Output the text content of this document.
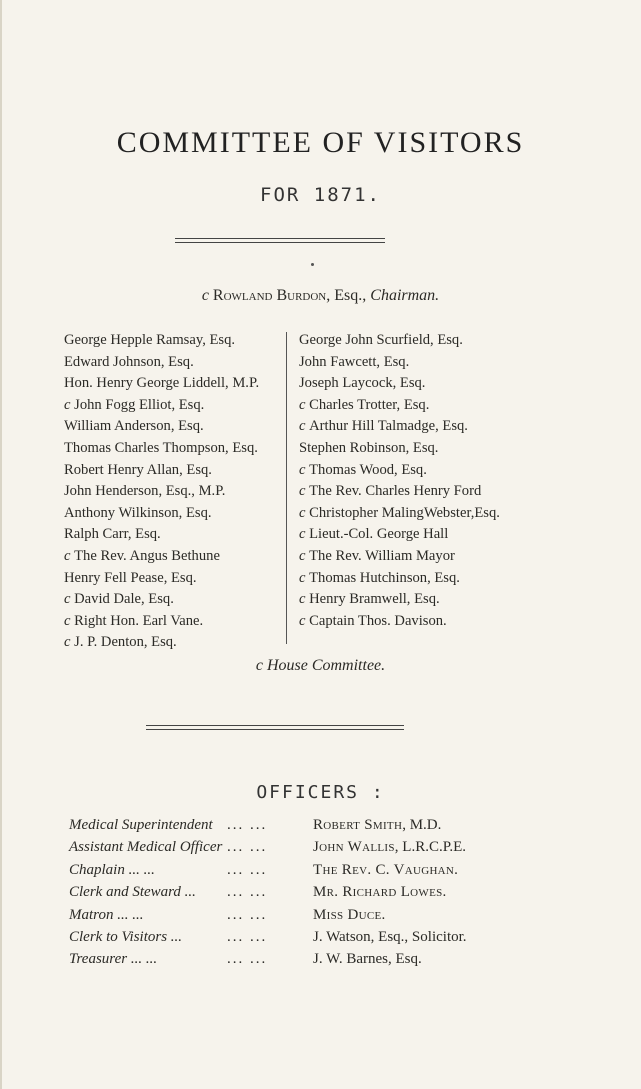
COMMITTEE OF VISITORS
FOR 1871.
c Rowland Burdon, Esq., Chairman.
George Hepple Ramsay, Esq.
Edward Johnson, Esq.
Hon. Henry George Liddell, M.P.
c John Fogg Elliot, Esq.
William Anderson, Esq.
Thomas Charles Thompson, Esq.
Robert Henry Allan, Esq.
John Henderson, Esq., M.P.
Anthony Wilkinson, Esq.
Ralph Carr, Esq.
c The Rev. Angus Bethune
Henry Fell Pease, Esq.
c David Dale, Esq.
c Right Hon. Earl Vane.
c J. P. Denton, Esq.
George John Scurfield, Esq.
John Fawcett, Esq.
Joseph Laycock, Esq.
c Charles Trotter, Esq.
c Arthur Hill Talmadge, Esq.
Stephen Robinson, Esq.
c Thomas Wood, Esq.
c The Rev. Charles Henry Ford
c Christopher MalingWebster,Esq.
c Lieut.-Col. George Hall
c The Rev. William Mayor
c Thomas Hutchinson, Esq.
c Henry Bramwell, Esq.
c Captain Thos. Davison.
c House Committee.
OFFICERS :
Medical Superintendent ... ...	Robert Smith, M.D.
Assistant Medical Officer ... ...	John Wallis, L.R.C.P.E.
Chaplain ... ...	... ...	The Rev. C. Vaughan.
Clerk and Steward ... ... ...	Mr. Richard Lowes.
Matron ... ...	... ...	Miss Duce.
Clerk to Visitors ...	... ...	J. Watson, Esq., Solicitor.
Treasurer ... ...	... ...	J. W. Barnes, Esq.
